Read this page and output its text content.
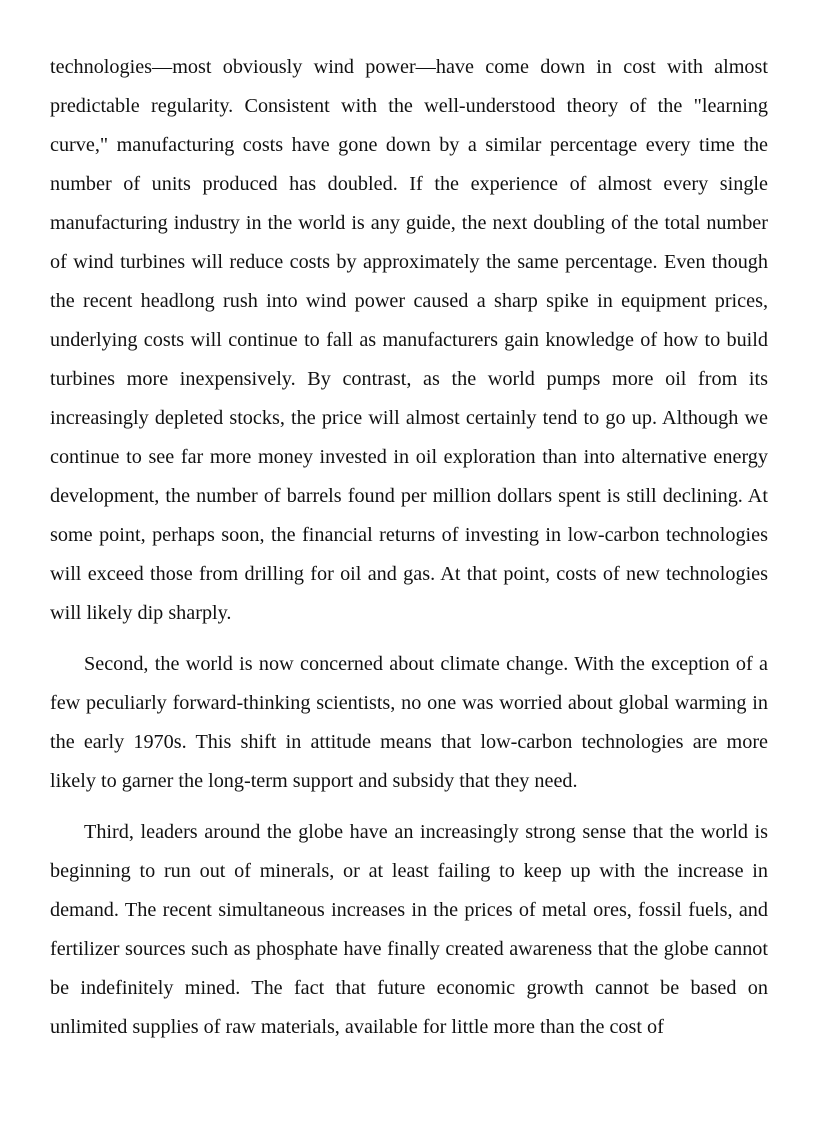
technologies—most obviously wind power—have come down in cost with almost predictable regularity. Consistent with the well-understood theory of the "learning curve," manufacturing costs have gone down by a similar percentage every time the number of units produced has doubled. If the experience of almost every single manufacturing industry in the world is any guide, the next doubling of the total number of wind turbines will reduce costs by approximately the same percentage. Even though the recent headlong rush into wind power caused a sharp spike in equipment prices, underlying costs will continue to fall as manufacturers gain knowledge of how to build turbines more inexpensively. By contrast, as the world pumps more oil from its increasingly depleted stocks, the price will almost certainly tend to go up. Although we continue to see far more money invested in oil exploration than into alternative energy development, the number of barrels found per million dollars spent is still declining. At some point, perhaps soon, the financial returns of investing in low-carbon technologies will exceed those from drilling for oil and gas. At that point, costs of new technologies will likely dip sharply.

Second, the world is now concerned about climate change. With the exception of a few peculiarly forward-thinking scientists, no one was worried about global warming in the early 1970s. This shift in attitude means that low-carbon technologies are more likely to garner the long-term support and subsidy that they need.

Third, leaders around the globe have an increasingly strong sense that the world is beginning to run out of minerals, or at least failing to keep up with the increase in demand. The recent simultaneous increases in the prices of metal ores, fossil fuels, and fertilizer sources such as phosphate have finally created awareness that the globe cannot be indefinitely mined. The fact that future economic growth cannot be based on unlimited supplies of raw materials, available for little more than the cost of
